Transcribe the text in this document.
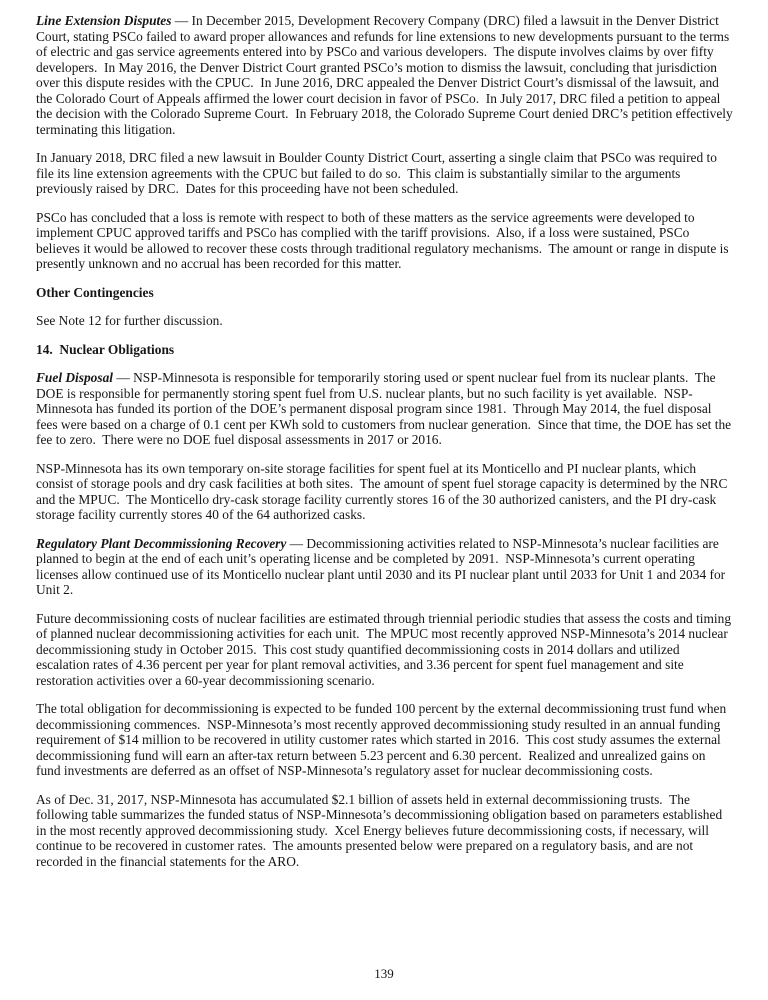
Line Extension Disputes — In December 2015, Development Recovery Company (DRC) filed a lawsuit in the Denver District Court, stating PSCo failed to award proper allowances and refunds for line extensions to new developments pursuant to the terms of electric and gas service agreements entered into by PSCo and various developers.  The dispute involves claims by over fifty developers.  In May 2016, the Denver District Court granted PSCo’s motion to dismiss the lawsuit, concluding that jurisdiction over this dispute resides with the CPUC.  In June 2016, DRC appealed the Denver District Court’s dismissal of the lawsuit, and the Colorado Court of Appeals affirmed the lower court decision in favor of PSCo.  In July 2017, DRC filed a petition to appeal the decision with the Colorado Supreme Court.  In February 2018, the Colorado Supreme Court denied DRC’s petition effectively terminating this litigation.

In January 2018, DRC filed a new lawsuit in Boulder County District Court, asserting a single claim that PSCo was required to file its line extension agreements with the CPUC but failed to do so.  This claim is substantially similar to the arguments previously raised by DRC.  Dates for this proceeding have not been scheduled.

PSCo has concluded that a loss is remote with respect to both of these matters as the service agreements were developed to implement CPUC approved tariffs and PSCo has complied with the tariff provisions.  Also, if a loss were sustained, PSCo believes it would be allowed to recover these costs through traditional regulatory mechanisms.  The amount or range in dispute is presently unknown and no accrual has been recorded for this matter.

Other Contingencies

See Note 12 for further discussion.

14.  Nuclear Obligations

Fuel Disposal — NSP-Minnesota is responsible for temporarily storing used or spent nuclear fuel from its nuclear plants.  The DOE is responsible for permanently storing spent fuel from U.S. nuclear plants, but no such facility is yet available.  NSP-Minnesota has funded its portion of the DOE’s permanent disposal program since 1981.  Through May 2014, the fuel disposal fees were based on a charge of 0.1 cent per KWh sold to customers from nuclear generation.  Since that time, the DOE has set the fee to zero.  There were no DOE fuel disposal assessments in 2017 or 2016.

NSP-Minnesota has its own temporary on-site storage facilities for spent fuel at its Monticello and PI nuclear plants, which consist of storage pools and dry cask facilities at both sites.  The amount of spent fuel storage capacity is determined by the NRC and the MPUC.  The Monticello dry-cask storage facility currently stores 16 of the 30 authorized canisters, and the PI dry-cask storage facility currently stores 40 of the 64 authorized casks.

Regulatory Plant Decommissioning Recovery — Decommissioning activities related to NSP-Minnesota’s nuclear facilities are planned to begin at the end of each unit’s operating license and be completed by 2091.  NSP-Minnesota’s current operating licenses allow continued use of its Monticello nuclear plant until 2030 and its PI nuclear plant until 2033 for Unit 1 and 2034 for Unit 2.

Future decommissioning costs of nuclear facilities are estimated through triennial periodic studies that assess the costs and timing of planned nuclear decommissioning activities for each unit.  The MPUC most recently approved NSP-Minnesota’s 2014 nuclear decommissioning study in October 2015.  This cost study quantified decommissioning costs in 2014 dollars and utilized escalation rates of 4.36 percent per year for plant removal activities, and 3.36 percent for spent fuel management and site restoration activities over a 60-year decommissioning scenario.

The total obligation for decommissioning is expected to be funded 100 percent by the external decommissioning trust fund when decommissioning commences.  NSP-Minnesota’s most recently approved decommissioning study resulted in an annual funding requirement of $14 million to be recovered in utility customer rates which started in 2016.  This cost study assumes the external decommissioning fund will earn an after-tax return between 5.23 percent and 6.30 percent.  Realized and unrealized gains on fund investments are deferred as an offset of NSP-Minnesota’s regulatory asset for nuclear decommissioning costs.

As of Dec. 31, 2017, NSP-Minnesota has accumulated $2.1 billion of assets held in external decommissioning trusts.  The following table summarizes the funded status of NSP-Minnesota’s decommissioning obligation based on parameters established in the most recently approved decommissioning study.  Xcel Energy believes future decommissioning costs, if necessary, will continue to be recovered in customer rates.  The amounts presented below were prepared on a regulatory basis, and are not recorded in the financial statements for the ARO.

139
